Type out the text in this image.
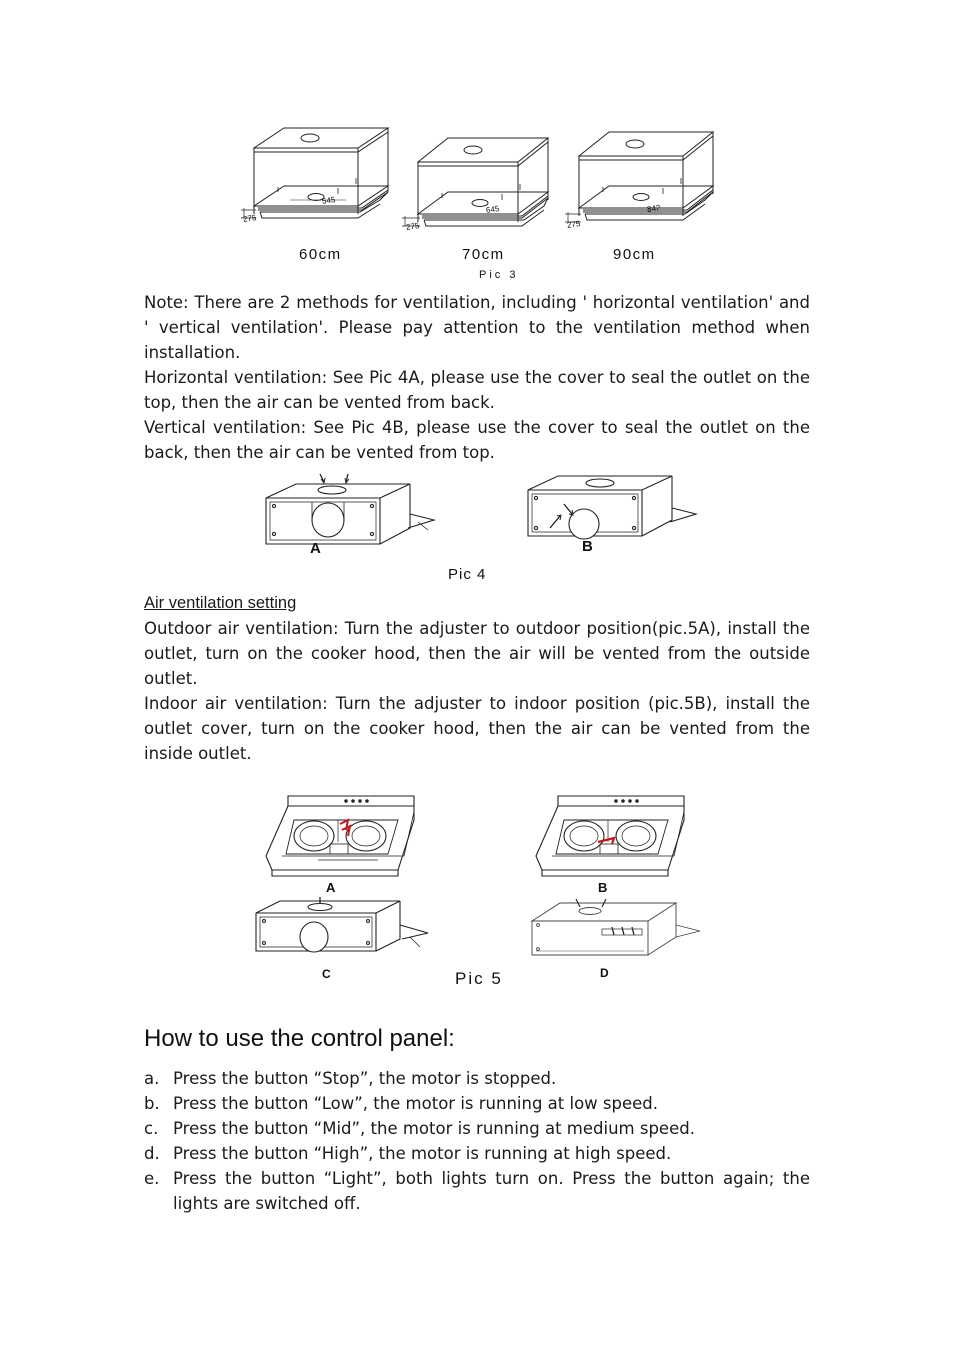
275
545
275
645
275
842
60cm	70cm	90cm
Pic 3

Note: There are 2 methods for ventilation, including ' horizontal ventilation' and ' vertical ventilation'. Please pay attention to the ventilation method when installation.

Horizontal ventilation: See Pic 4A, please use the cover to seal the outlet on the top, then the air can be vented from back.

Vertical ventilation: See Pic 4B, please use the cover to seal the outlet on the back, then the air can be vented from top.

A	B
Pic 4
Air ventilation setting

Outdoor air ventilation: Turn the adjuster to outdoor position(pic.5A), install the outlet, turn on the cooker hood, then the air will be vented from the outside outlet.

Indoor air ventilation: Turn the adjuster to indoor position (pic.5B), install the outlet cover, turn on the cooker hood, then the air can be vented from the inside outlet.

A	B
C	D
Pic 5
How to use the control panel:
a. Press the button “Stop”, the motor is stopped.
b. Press the button “Low”, the motor is running at low speed.
c. Press the button “Mid”, the motor is running at medium speed.
d. Press the button “High”, the motor is running at high speed.
e. Press the button “Light”, both lights turn on. Press the button again; the lights are switched off.
